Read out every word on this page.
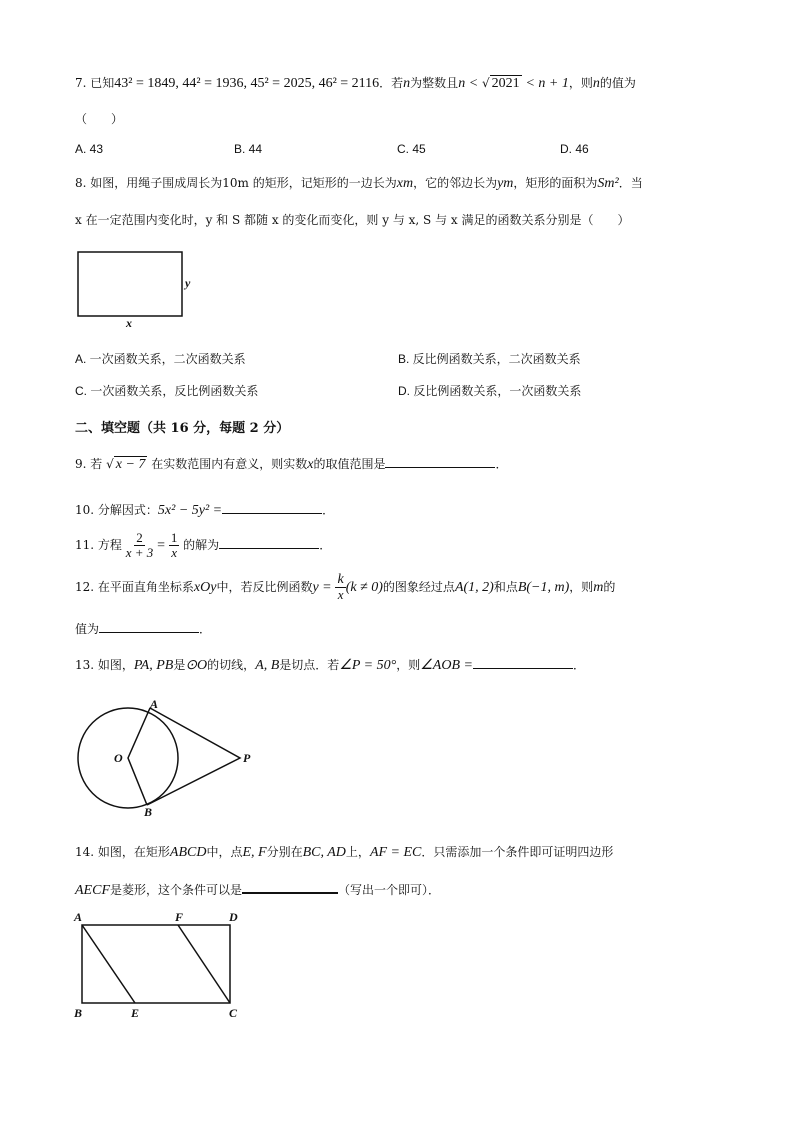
7. 已知43² = 1849, 44² = 1936, 45² = 2025, 46² = 2116．若n为整数且n < √ 2021 < n + 1，则n的值为
（　　）
A. 43	B. 44	C. 45	D. 46
8. 如图，用绳子围成周长为10m 的矩形，记矩形的一边长为xm，它的邻边长为ym，矩形的面积为Sm²．当
x 在一定范围内变化时，y 和 S 都随 x 的变化而变化，则 y 与 x, S 与 x 满足的函数关系分别是（　　）
y
x
A. 一次函数关系，二次函数关系	B. 反比例函数关系，二次函数关系
C. 一次函数关系，反比例函数关系	D. 反比例函数关系，一次函数关系
二、填空题（共 16 分，每题 2 分）
9. 若 √ x − 7 在实数范围内有意义，则实数x的取值范围是	．
10. 分解因式：5x² − 5y² =	．
11. 方程 $\frac{2}{x + 3} = \frac{1}{x}$ 的解为	．
12. 在平面直角坐标系xOy中，若反比例函数$y = \frac{k}{x} (k \ne 0)$的图象经过点A(1, 2)和点B(−1, m)，则m的
值为	．
13. 如图，PA, PB是⊙O的切线，A, B是切点．若∠P = 50°，则∠AOB =	．
A
O	P
B
14. 如图，在矩形ABCD中，点E, F分别在BC, AD上，AF = EC．只需添加一个条件即可证明四边形
AECF是菱形，这个条件可以是	（写出一个即可）．
A	F	D
B	E	C
